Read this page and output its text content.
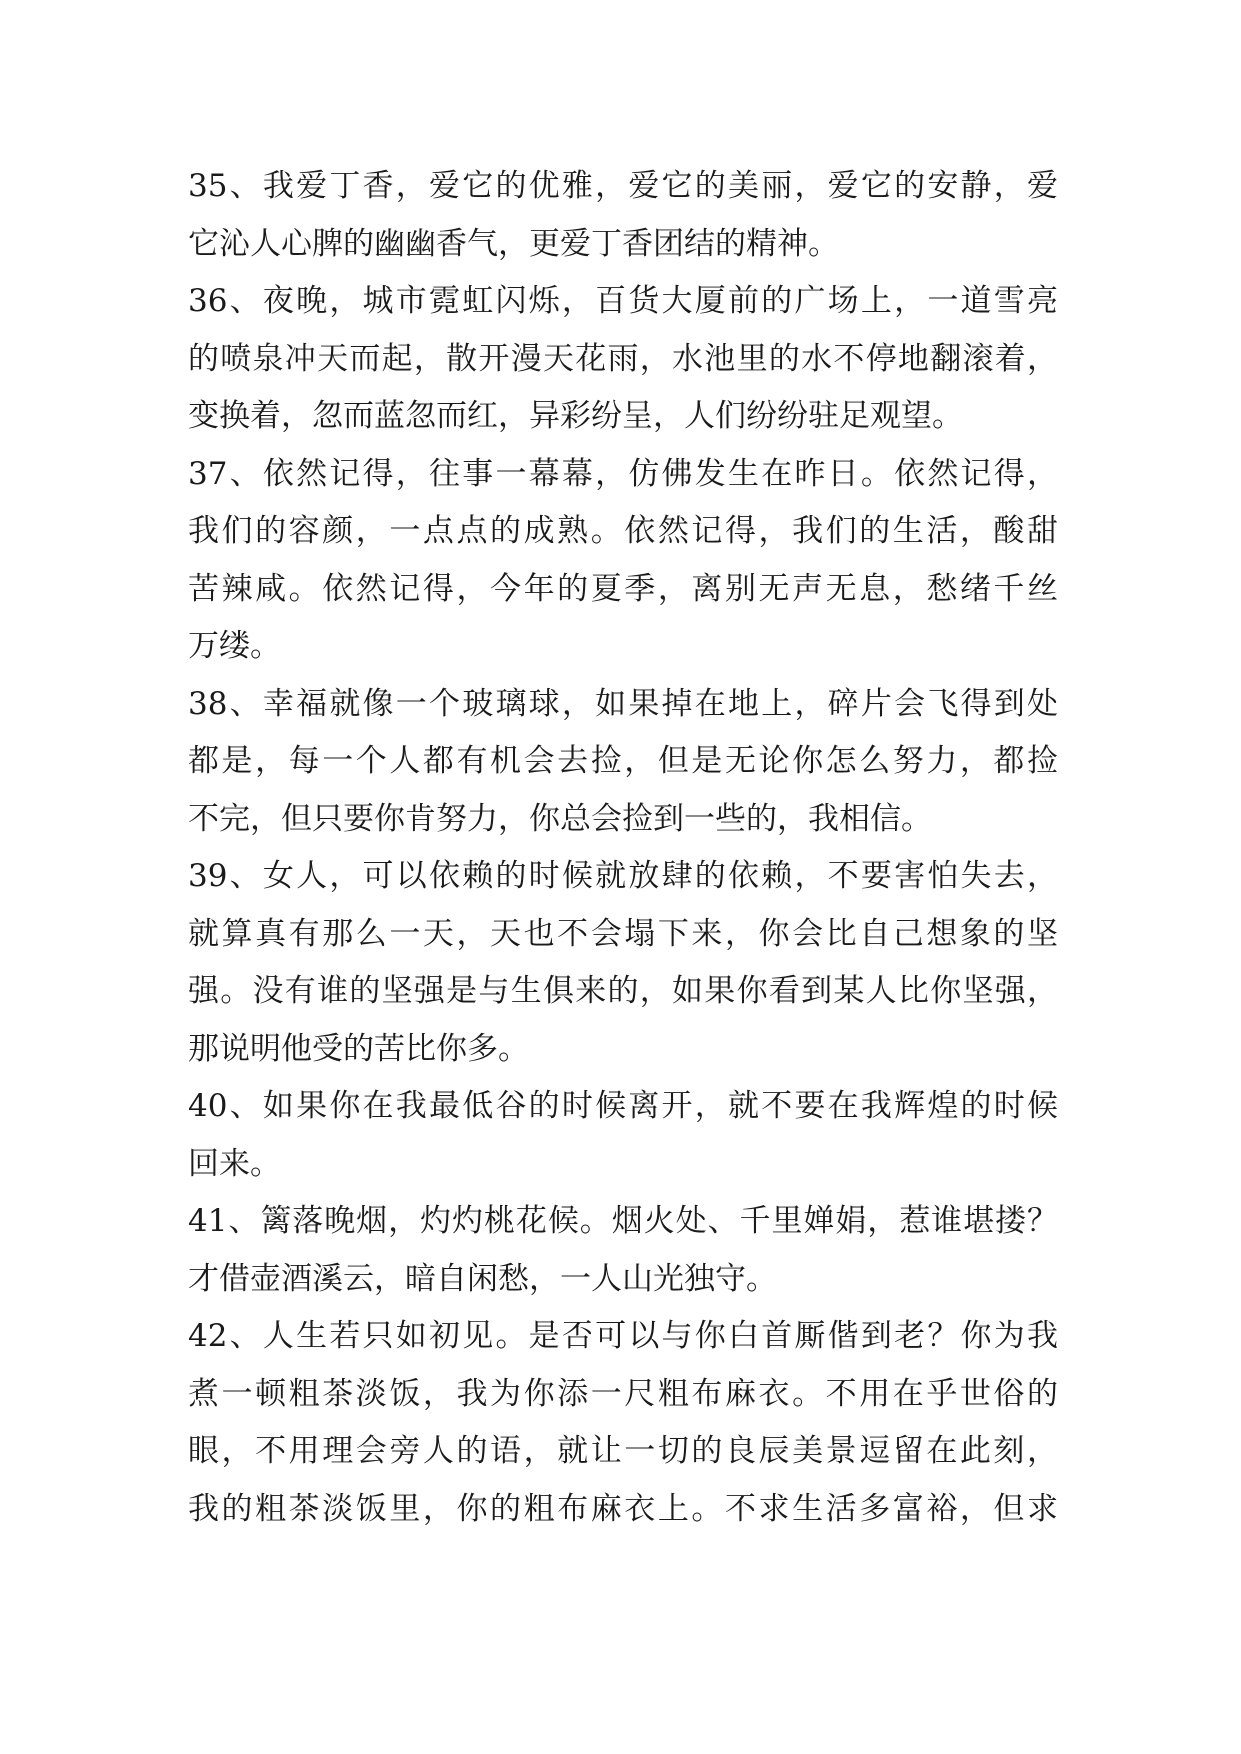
35、我爱丁香，爱它的优雅，爱它的美丽，爱它的安静，爱
它沁人心脾的幽幽香气，更爱丁香团结的精神。
36、夜晚，城市霓虹闪烁，百货大厦前的广场上，一道雪亮
的喷泉冲天而起，散开漫天花雨，水池里的水不停地翻滚着，
变换着，忽而蓝忽而红，异彩纷呈，人们纷纷驻足观望。
37、依然记得，往事一幕幕，仿佛发生在昨日。依然记得，
我们的容颜，一点点的成熟。依然记得，我们的生活，酸甜
苦辣咸。依然记得，今年的夏季，离别无声无息，愁绪千丝
万缕。
38、幸福就像一个玻璃球，如果掉在地上，碎片会飞得到处
都是，每一个人都有机会去捡，但是无论你怎么努力，都捡
不完，但只要你肯努力，你总会捡到一些的，我相信。
39、女人，可以依赖的时候就放肆的依赖，不要害怕失去，
就算真有那么一天，天也不会塌下来，你会比自己想象的坚
强。没有谁的坚强是与生俱来的，如果你看到某人比你坚强，
那说明他受的苦比你多。
40、如果你在我最低谷的时候离开，就不要在我辉煌的时候
回来。
41、篱落晚烟，灼灼桃花候。烟火处、千里婵娟，惹谁堪搂？
才借壶酒溪云，暗自闲愁，一人山光独守。
42、人生若只如初见。是否可以与你白首厮偕到老？你为我
煮一顿粗茶淡饭，我为你添一尺粗布麻衣。不用在乎世俗的
眼，不用理会旁人的语，就让一切的良辰美景逗留在此刻，
我的粗茶淡饭里，你的粗布麻衣上。不求生活多富裕，但求
